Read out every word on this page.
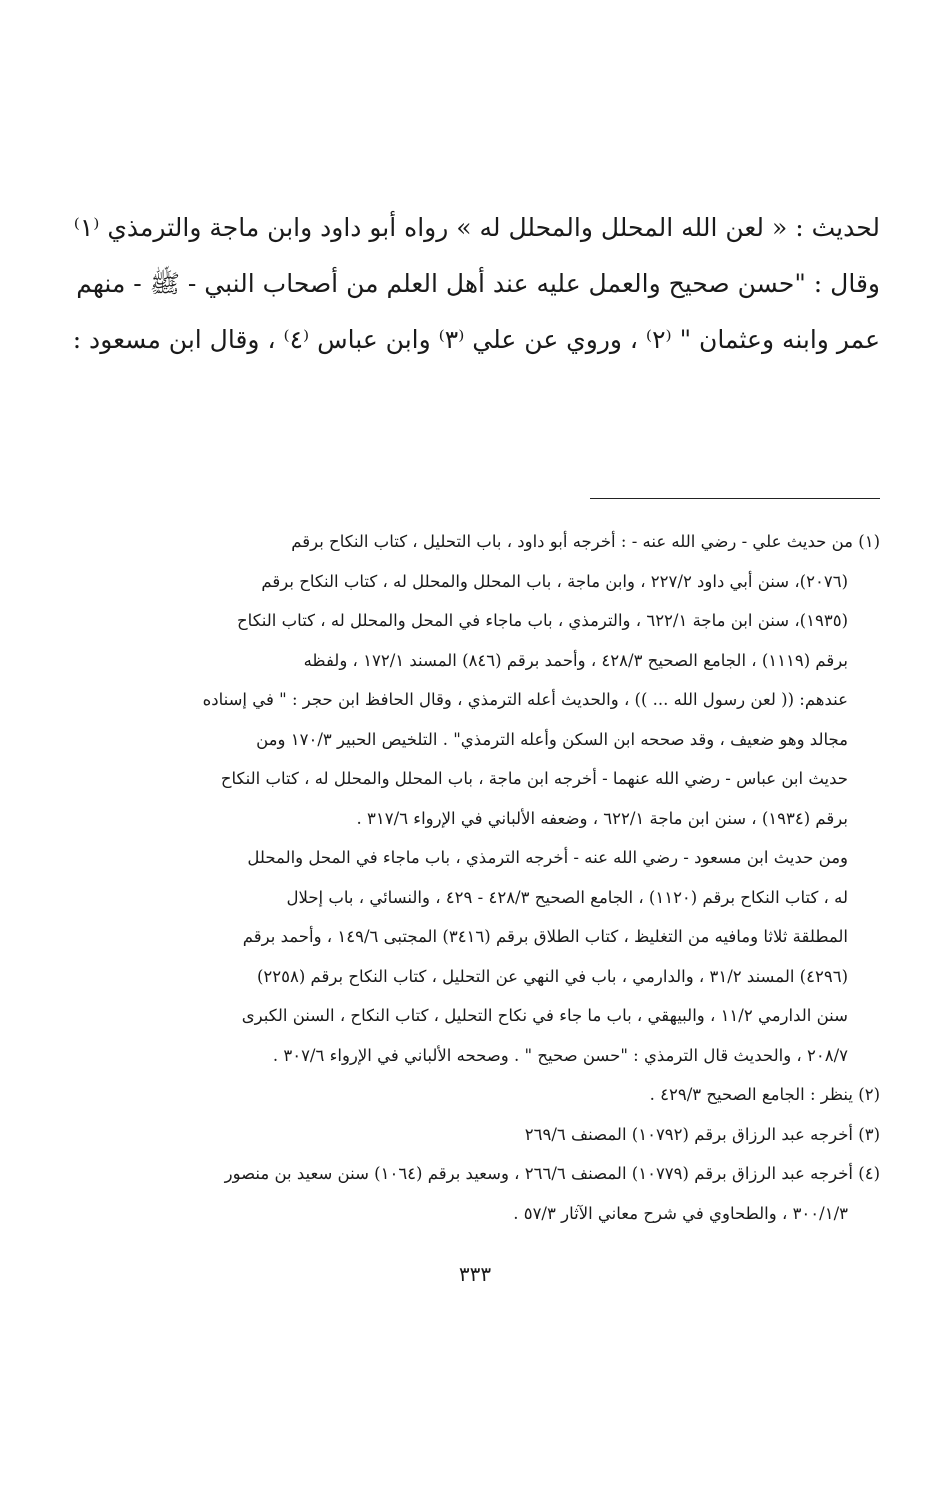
لحديث : « لعن الله المحلل والمحلل له » رواه أبو داود وابن ماجة والترمذي ⁽١⁾
وقال : "حسن صحيح والعمل عليه عند أهل العلم من أصحاب النبي - ﷺ - منهم
عمر وابنه وعثمان " ⁽٢⁾ ، وروي عن علي ⁽٣⁾ وابن عباس ⁽٤⁾ ، وقال ابن مسعود :
(١) من حديث علي - رضي الله عنه - : أخرجه أبو داود ، باب التحليل ، كتاب النكاح برقم
(٢٠٧٦)، سنن أبي داود ٢٢٧/٢ ، وابن ماجة ، باب المحلل والمحلل له ، كتاب النكاح برقم
(١٩٣٥)، سنن ابن ماجة ٦٢٢/١ ، والترمذي ، باب ماجاء في المحل والمحلل له ، كتاب النكاح
برقم (١١١٩) ، الجامع الصحيح ٤٢٨/٣ ، وأحمد برقم (٨٤٦) المسند ١٧٢/١ ، ولفظه
عندهم: (( لعن رسول الله ... )) ، والحديث أعله الترمذي ، وقال الحافظ ابن حجر : " في إسناده
مجالد وهو ضعيف ، وقد صححه ابن السكن وأعله الترمذي" . التلخيص الحبير ١٧٠/٣ ومن
حديث ابن عباس - رضي الله عنهما - أخرجه ابن ماجة ، باب المحلل والمحلل له ، كتاب النكاح
برقم (١٩٣٤) ، سنن ابن ماجة ٦٢٢/١ ، وضعفه الألباني في الإرواء ٣١٧/٦ .
ومن حديث ابن مسعود - رضي الله عنه - أخرجه الترمذي ، باب ماجاء في المحل والمحلل
له ، كتاب النكاح برقم (١١٢٠) ، الجامع الصحيح ٤٢٨/٣ - ٤٢٩ ، والنسائي ، باب إحلال
المطلقة ثلاثا ومافيه من التغليظ ، كتاب الطلاق برقم (٣٤١٦) المجتبى ١٤٩/٦ ، وأحمد برقم
(٤٢٩٦) المسند ٣١/٢ ، والدارمي ، باب في النهي عن التحليل ، كتاب النكاح برقم (٢٢٥٨)
سنن الدارمي ١١/٢ ، والبيهقي ، باب ما جاء في نكاح التحليل ، كتاب النكاح ، السنن الكبرى
٢٠٨/٧ ، والحديث قال الترمذي : "حسن صحيح " . وصححه الألباني في الإرواء ٣٠٧/٦ .
(٢) ينظر : الجامع الصحيح ٤٢٩/٣ .
(٣) أخرجه عبد الرزاق برقم (١٠٧٩٢) المصنف ٢٦٩/٦
(٤) أخرجه عبد الرزاق برقم (١٠٧٧٩) المصنف ٢٦٦/٦ ، وسعيد برقم (١٠٦٤) سنن سعيد بن منصور
٣٠٠/١/٣ ، والطحاوي في شرح معاني الآثار ٥٧/٣ .
٣٣٣
